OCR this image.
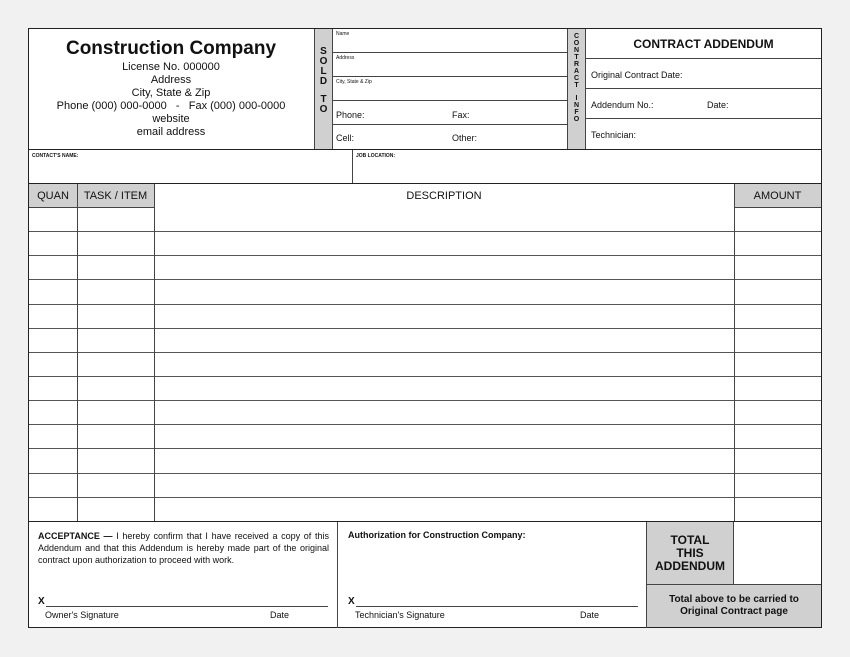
Construction Company
License No. 000000
Address
City, State & Zip
Phone (000) 000-0000   -   Fax (000) 000-0000
website
email address
S
O
L
D
T
O
Name
Address
City, State & Zip
Phone:	Fax:
Cell:	Other:
C
O
N
T
R
A
C
T
I
N
F
O
CONTRACT ADDENDUM
Original Contract Date:
Addendum No.:	Date:
Technician:
CONTACT'S NAME:	JOB LOCATION:
QUAN	TASK / ITEM	DESCRIPTION	AMOUNT
ACCEPTANCE — I hereby confirm that I have received a copy of this Addendum and that this Addendum is hereby made part of the original contract upon authorization to proceed with work.
X
Owner's Signature	Date
Authorization for Construction Company:
X
Technician's Signature	Date
TOTAL
THIS
ADDENDUM
Total above to be carried to Original Contract page
